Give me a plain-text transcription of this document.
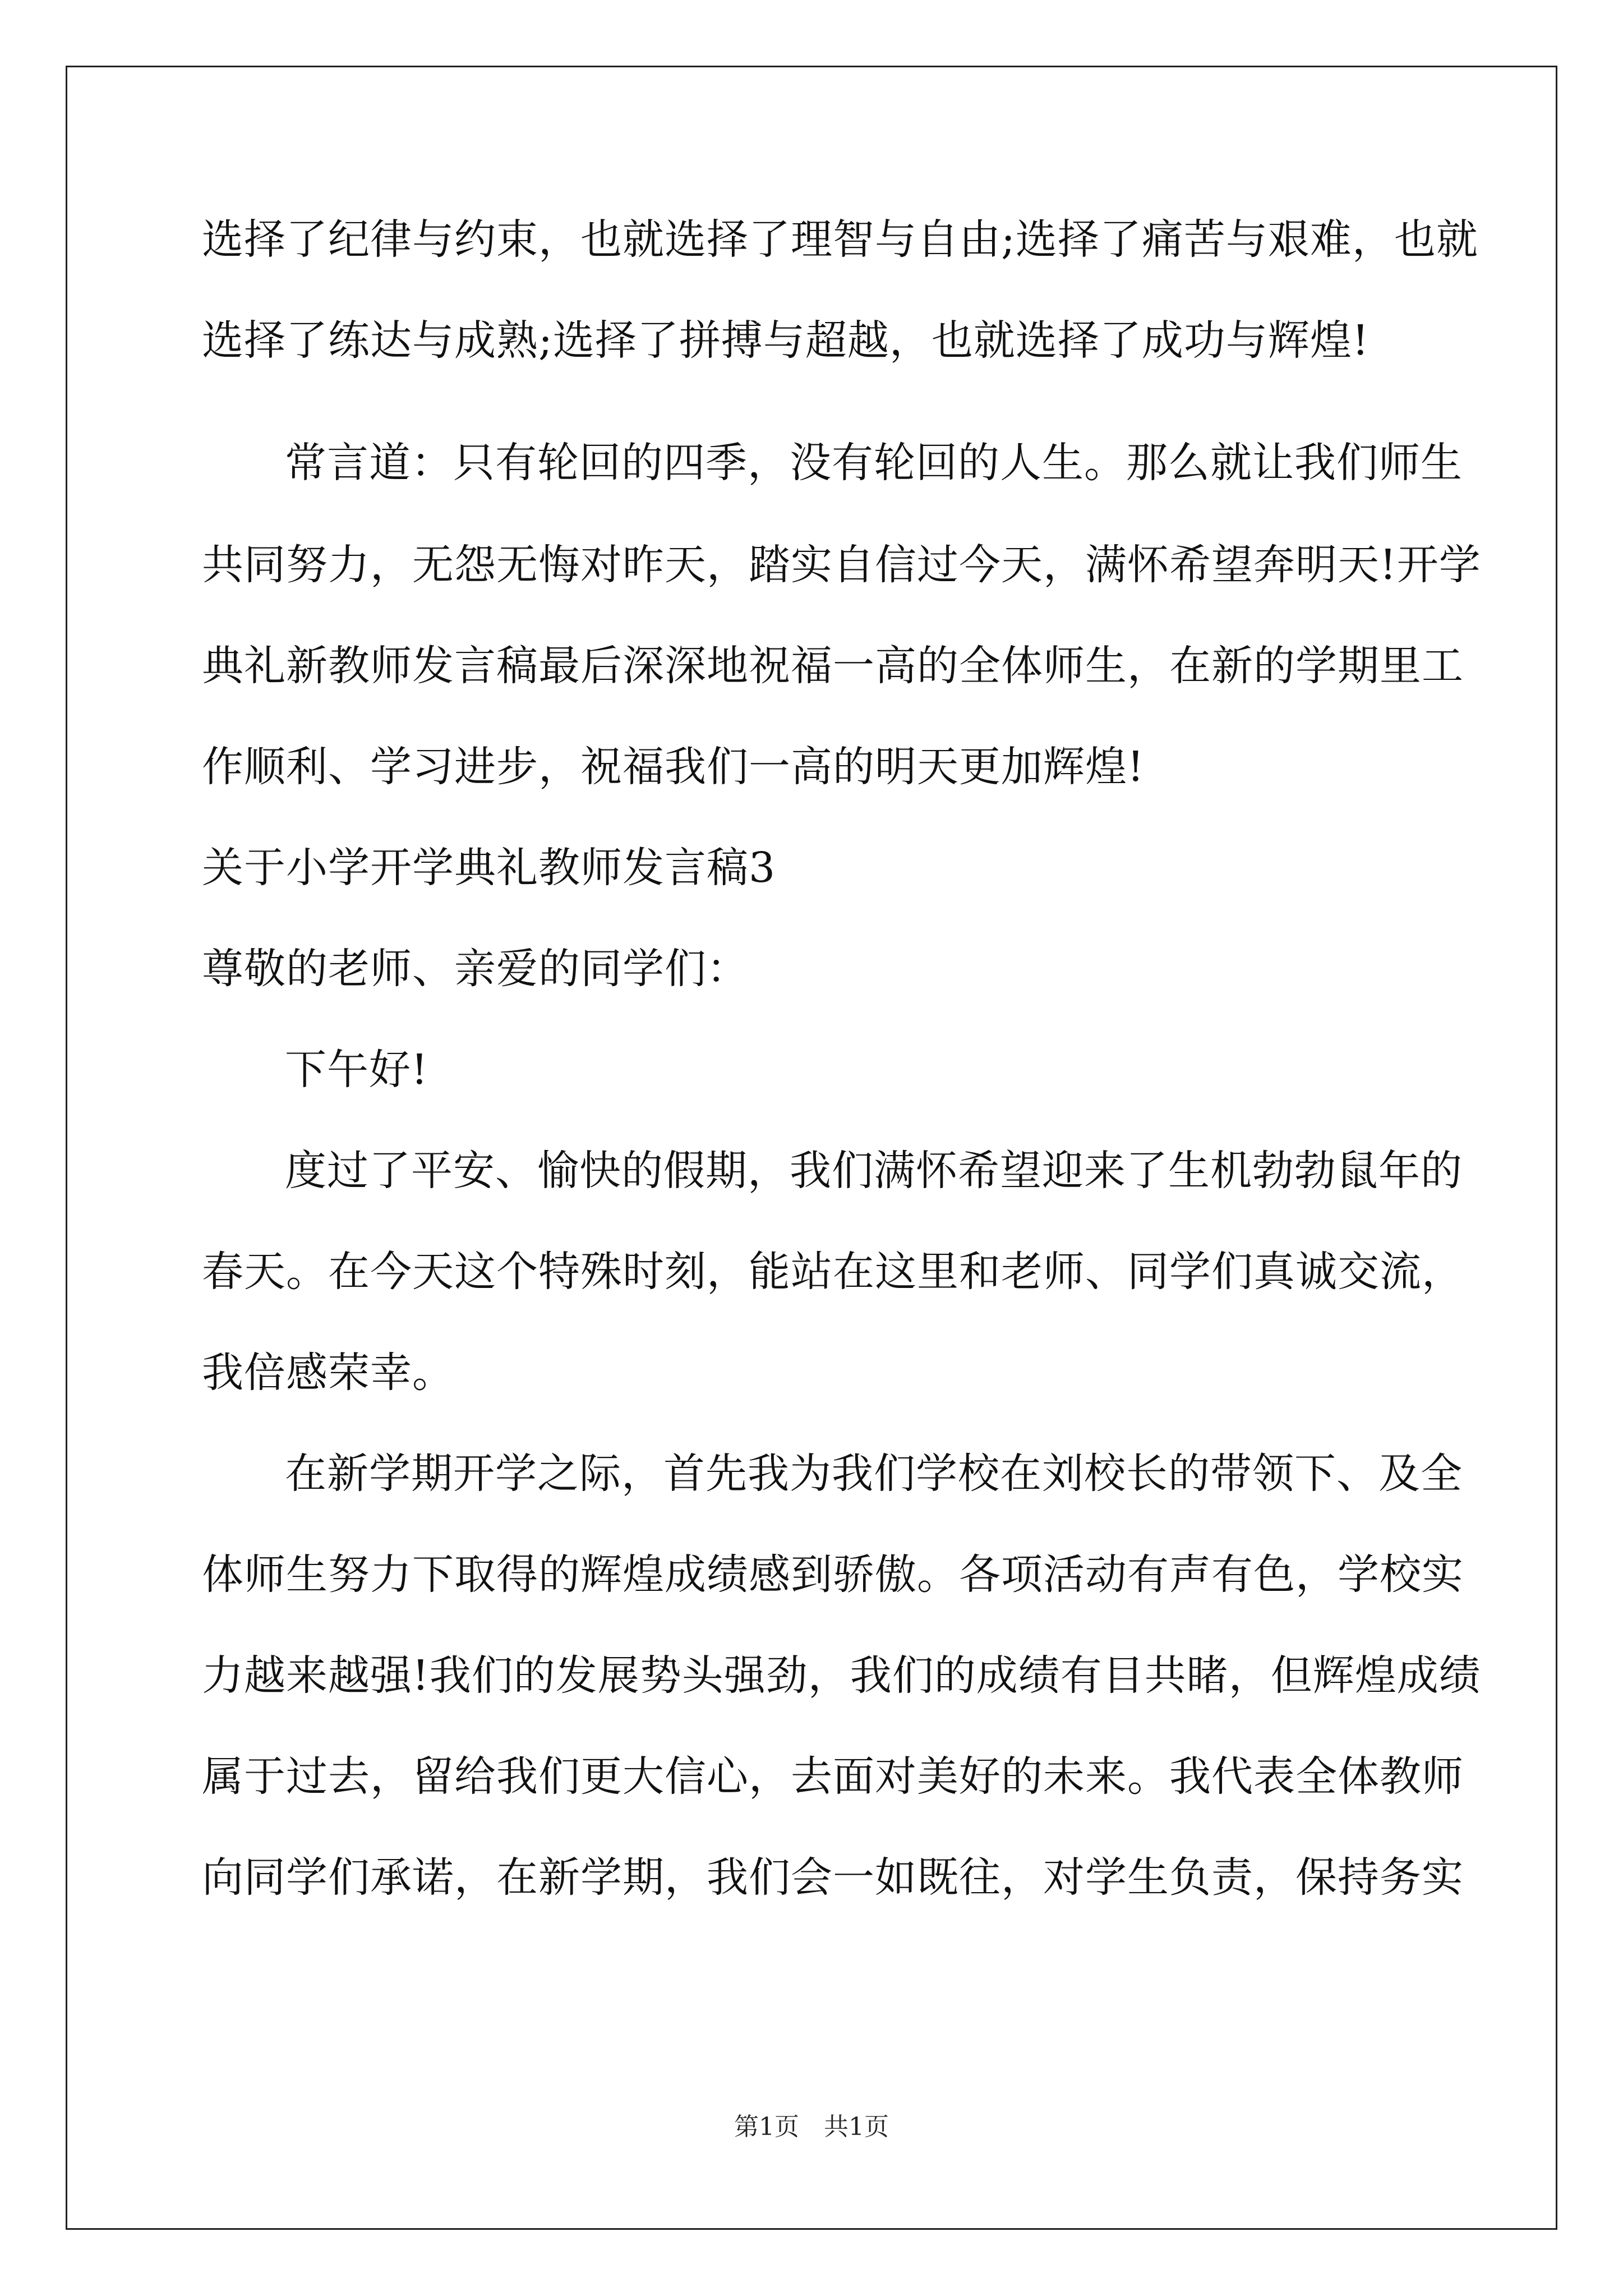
选择了纪律与约束，也就选择了理智与自由;选择了痛苦与艰难，也就
选择了练达与成熟;选择了拼搏与超越，也就选择了成功与辉煌!
常言道：只有轮回的四季，没有轮回的人生。那么就让我们师生
共同努力，无怨无悔对昨天，踏实自信过今天，满怀希望奔明天!开学
典礼新教师发言稿最后深深地祝福一高的全体师生，在新的学期里工
作顺利、学习进步，祝福我们一高的明天更加辉煌!
关于小学开学典礼教师发言稿3
尊敬的老师、亲爱的同学们：
下午好!
度过了平安、愉快的假期，我们满怀希望迎来了生机勃勃鼠年的
春天。在今天这个特殊时刻，能站在这里和老师、同学们真诚交流，
我倍感荣幸。
在新学期开学之际，首先我为我们学校在刘校长的带领下、及全
体师生努力下取得的辉煌成绩感到骄傲。各项活动有声有色，学校实
力越来越强!我们的发展势头强劲，我们的成绩有目共睹，但辉煌成绩
属于过去，留给我们更大信心，去面对美好的未来。我代表全体教师
向同学们承诺，在新学期，我们会一如既往，对学生负责，保持务实
第1页　共1页
